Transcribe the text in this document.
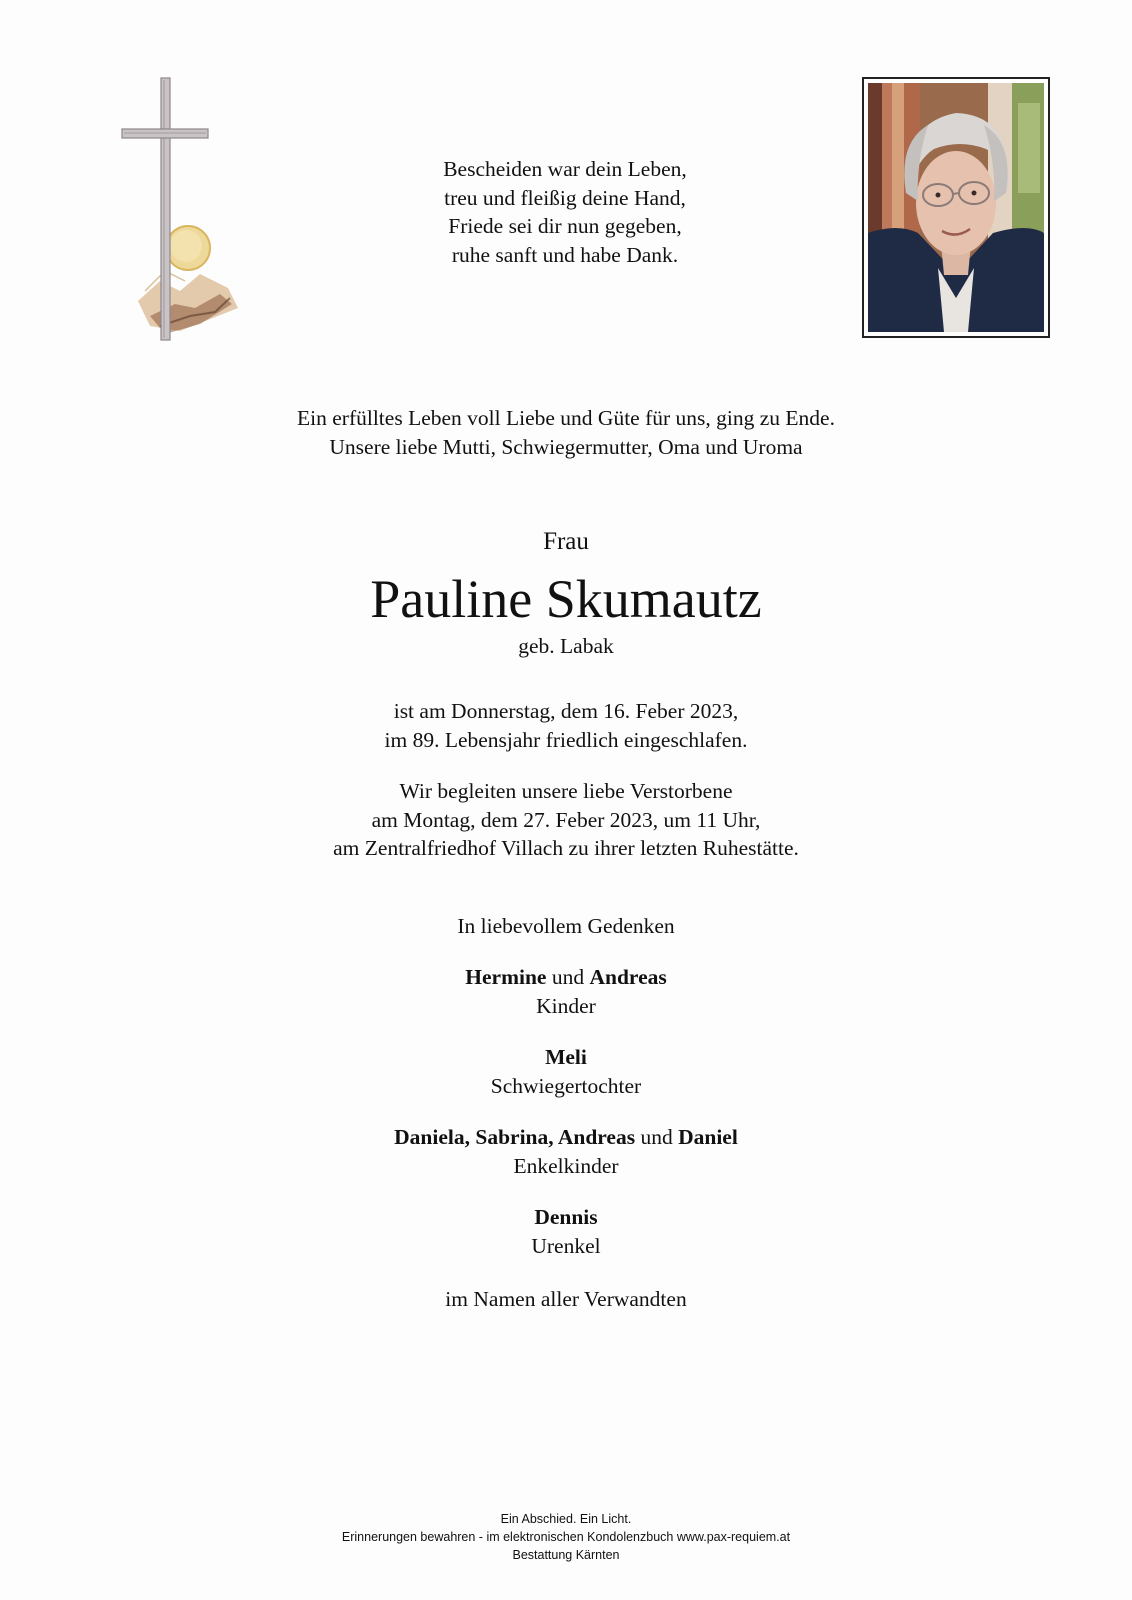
Bescheiden war dein Leben,
treu und fleißig deine Hand,
Friede sei dir nun gegeben,
ruhe sanft und habe Dank.
Ein erfülltes Leben voll Liebe und Güte für uns, ging zu Ende.
Unsere liebe Mutti, Schwiegermutter, Oma und Uroma
Frau
Pauline Skumautz
geb. Labak
ist am Donnerstag, dem 16. Feber 2023,
im 89. Lebensjahr friedlich eingeschlafen.
Wir begleiten unsere liebe Verstorbene
am Montag, dem 27. Feber 2023, um 11 Uhr,
am Zentralfriedhof Villach zu ihrer letzten Ruhestätte.
In liebevollem Gedenken
Hermine und Andreas
Kinder
Meli
Schwiegertochter
Daniela, Sabrina, Andreas und Daniel
Enkelkinder
Dennis
Urenkel
im Namen aller Verwandten
Ein Abschied. Ein Licht.
Erinnerungen bewahren - im elektronischen Kondolenzbuch www.pax-requiem.at
Bestattung Kärnten
